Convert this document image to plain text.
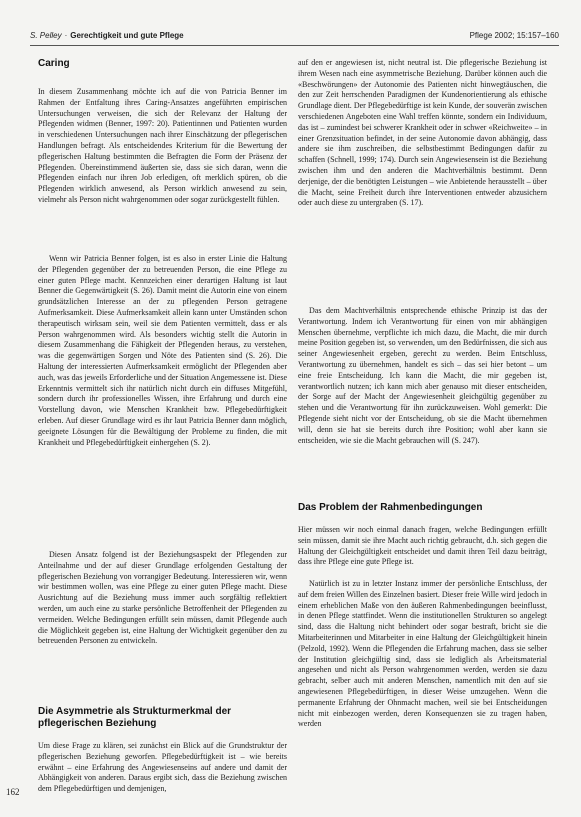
S. Pelley · Gerechtigkeit und gute Pflege	Pflege 2002; 15:157–160
Caring

In diesem Zusammenhang möchte ich auf die von Patricia Benner im Rahmen der Entfaltung ihres Caring-Ansatzes angeführten empirischen Untersuchungen verweisen, die sich der Relevanz der Haltung der Pflegenden widmen (Benner, 1997: 20). Patientinnen und Patienten wurden in verschiedenen Untersuchungen nach ihrer Einschätzung der pflegerischen Handlungen befragt. Als entscheidendes Kriterium für die Bewertung der pflegerischen Haltung bestimmten die Befragten die Form der Präsenz der Pflegenden. Übereinstimmend äußerten sie, dass sie sich daran, wenn die Pflegenden einfach nur ihren Job erledigen, oft merklich spüren, ob die Pflegenden wirklich anwesend, als Person wirklich anwesend zu sein, vielmehr als Person nicht wahrgenommen oder sogar zurückgestellt fühlen.

Wenn wir Patricia Benner folgen, ist es also in erster Linie die Haltung der Pflegenden gegenüber der zu betreuenden Person, die eine Pflege zu einer guten Pflege macht. Kennzeichen einer derartigen Haltung ist laut Benner die Gegenwärtigkeit (S. 26). Damit meint die Autorin eine von einem grundsätzlichen Interesse an der zu pflegenden Person getragene Aufmerksamkeit. Diese Aufmerksamkeit allein kann unter Umständen schon therapeutisch wirksam sein, weil sie dem Patienten vermittelt, dass er als Person wahrgenommen wird. Als besonders wichtig stellt die Autorin in diesem Zusammenhang die Fähigkeit der Pflegenden heraus, zu verstehen, was die gegenwärtigen Sorgen und Nöte des Patienten sind (S. 26). Die Haltung der interessierten Aufmerksamkeit ermöglicht der Pflegenden aber auch, was das jeweils Erforderliche und der Situation Angemessene ist. Diese Erkenntnis vermittelt sich ihr natürlich nicht durch ein diffuses Mitgefühl, sondern durch ihr professionelles Wissen, ihre Erfahrung und durch eine Vorstellung davon, wie Menschen Krankheit bzw. Pflegebedürftigkeit erleben. Auf dieser Grundlage wird es ihr laut Patricia Benner dann möglich, geeignete Lösungen für die Bewältigung der Probleme zu finden, die mit Krankheit und Pflegebedürftigkeit einhergehen (S. 2).

Diesen Ansatz folgend ist der Beziehungsaspekt der Pflegenden zur Anteilnahme und der auf dieser Grundlage erfolgenden Gestaltung der pflegerischen Beziehung von vorrangiger Bedeutung. Interessieren wir, wenn wir bestimmen wollen, was eine Pflege zu einer guten Pflege macht. Diese Ausrichtung auf die Beziehung muss immer auch sorgfältig reflektiert werden, um auch eine zu starke persönliche Betroffenheit der Pflegenden zu vermeiden. Welche Bedingungen erfüllt sein müssen, damit Pflegende auch die Möglichkeit gegeben ist, eine Haltung der Wichtigkeit gegenüber den zu betreuenden Personen zu entwickeln.

Die Asymmetrie als Strukturmerkmal der
pflegerischen Beziehung

Um diese Frage zu klären, sei zunächst ein Blick auf die Grundstruktur der pflegerischen Beziehung geworfen. Pflegebedürftigkeit ist – wie bereits erwähnt – eine Erfahrung des Angewiesenseins auf andere und damit der Abhängigkeit von anderen. Daraus ergibt sich, dass die Beziehung zwischen dem Pflegebedürftigen und demjenigen,

auf den er angewiesen ist, nicht neutral ist. Die pflegerische Beziehung ist ihrem Wesen nach eine asymmetrische Beziehung. Darüber können auch die «Beschwörungen» der Autonomie des Patienten nicht hinwegtäuschen, die den zur Zeit herrschenden Paradigmen der Kundenorientierung als ethische Grundlage dient. Der Pflegebedürftige ist kein Kunde, der souverän zwischen verschiedenen Angeboten eine Wahl treffen könnte, sondern ein Individuum, das ist – zumindest bei schwerer Krankheit oder in schwer «Reichweite» – in einer Grenzsituation befindet, in der seine Autonomie davon abhängig, dass andere sie ihm zuschreiben, die selbstbestimmt Bedingungen dafür zu schaffen (Schnell, 1999; 174). Durch sein Angewiesensein ist die Beziehung zwischen ihm und den anderen die Machtverhältnis bestimmt. Denn derjenige, der die benötigten Leistungen – wie Anbietende herausstellt – über die Macht, seine Freiheit durch ihre Interventionen entweder abzusichern oder auch diese zu untergraben (S. 17).

Das dem Machtverhältnis entsprechende ethische Prinzip ist das der Verantwortung. Indem ich Verantwortung für einen von mir abhängigen Menschen übernehme, verpflichte ich mich dazu, die Macht, die mir durch meine Position gegeben ist, so verwenden, um den Bedürfnissen, die sich aus seiner Angewiesenheit ergeben, gerecht zu werden. Beim Entschluss, Verantwortung zu übernehmen, handelt es sich – das sei hier betont – um eine freie Entscheidung. Ich kann die Macht, die mir gegeben ist, verantwortlich nutzen; ich kann mich aber genauso mit dieser entscheiden, der Sorge auf der Macht der Angewiesenheit gleichgültig gegenüber zu stehen und die Verantwortung für ihn zurückzuweisen. Wohl gemerkt: Die Pflegende sieht nicht vor der Entscheidung, ob sie die Macht übernehmen will, denn sie hat sie bereits durch ihre Position; wohl aber kann sie entscheiden, wie sie die Macht gebrauchen will (S. 247).

Das Problem der Rahmenbedingungen

Hier müssen wir noch einmal danach fragen, welche Bedingungen erfüllt sein müssen, damit sie ihre Macht auch richtig gebraucht, d.h. sich gegen die Haltung der Gleichgültigkeit entscheidet und damit ihren Teil dazu beiträgt, dass ihre Pflege eine gute Pflege ist.

Natürlich ist zu in letzter Instanz immer der persönliche Entschluss, der auf dem freien Willen des Einzelnen basiert. Dieser freie Wille wird jedoch in einem erheblichen Maße von den äußeren Rahmenbedingungen beeinflusst, in denen Pflege stattfindet. Wenn die institutionellen Strukturen so angelegt sind, dass die Haltung nicht behindert oder sogar bestraft, bricht sie die Mitarbeiterinnen und Mitarbeiter in eine Haltung der Gleichgültigkeit hinein (Pelzold, 1992). Wenn die Pflegenden die Erfahrung machen, dass sie selber der Institution gleichgültig sind, dass sie lediglich als Arbeitsmaterial angesehen und nicht als Person wahrgenommen werden, werden sie dazu gebracht, selber auch mit anderen Menschen, namentlich mit den auf sie angewiesenen Pflegebedürftigen, in dieser Weise umzugehen. Wenn die permanente Erfahrung der Ohnmacht machen, weil sie bei Entscheidungen nicht mit einbezogen werden, deren Konsequenzen sie zu tragen haben, werden

162
